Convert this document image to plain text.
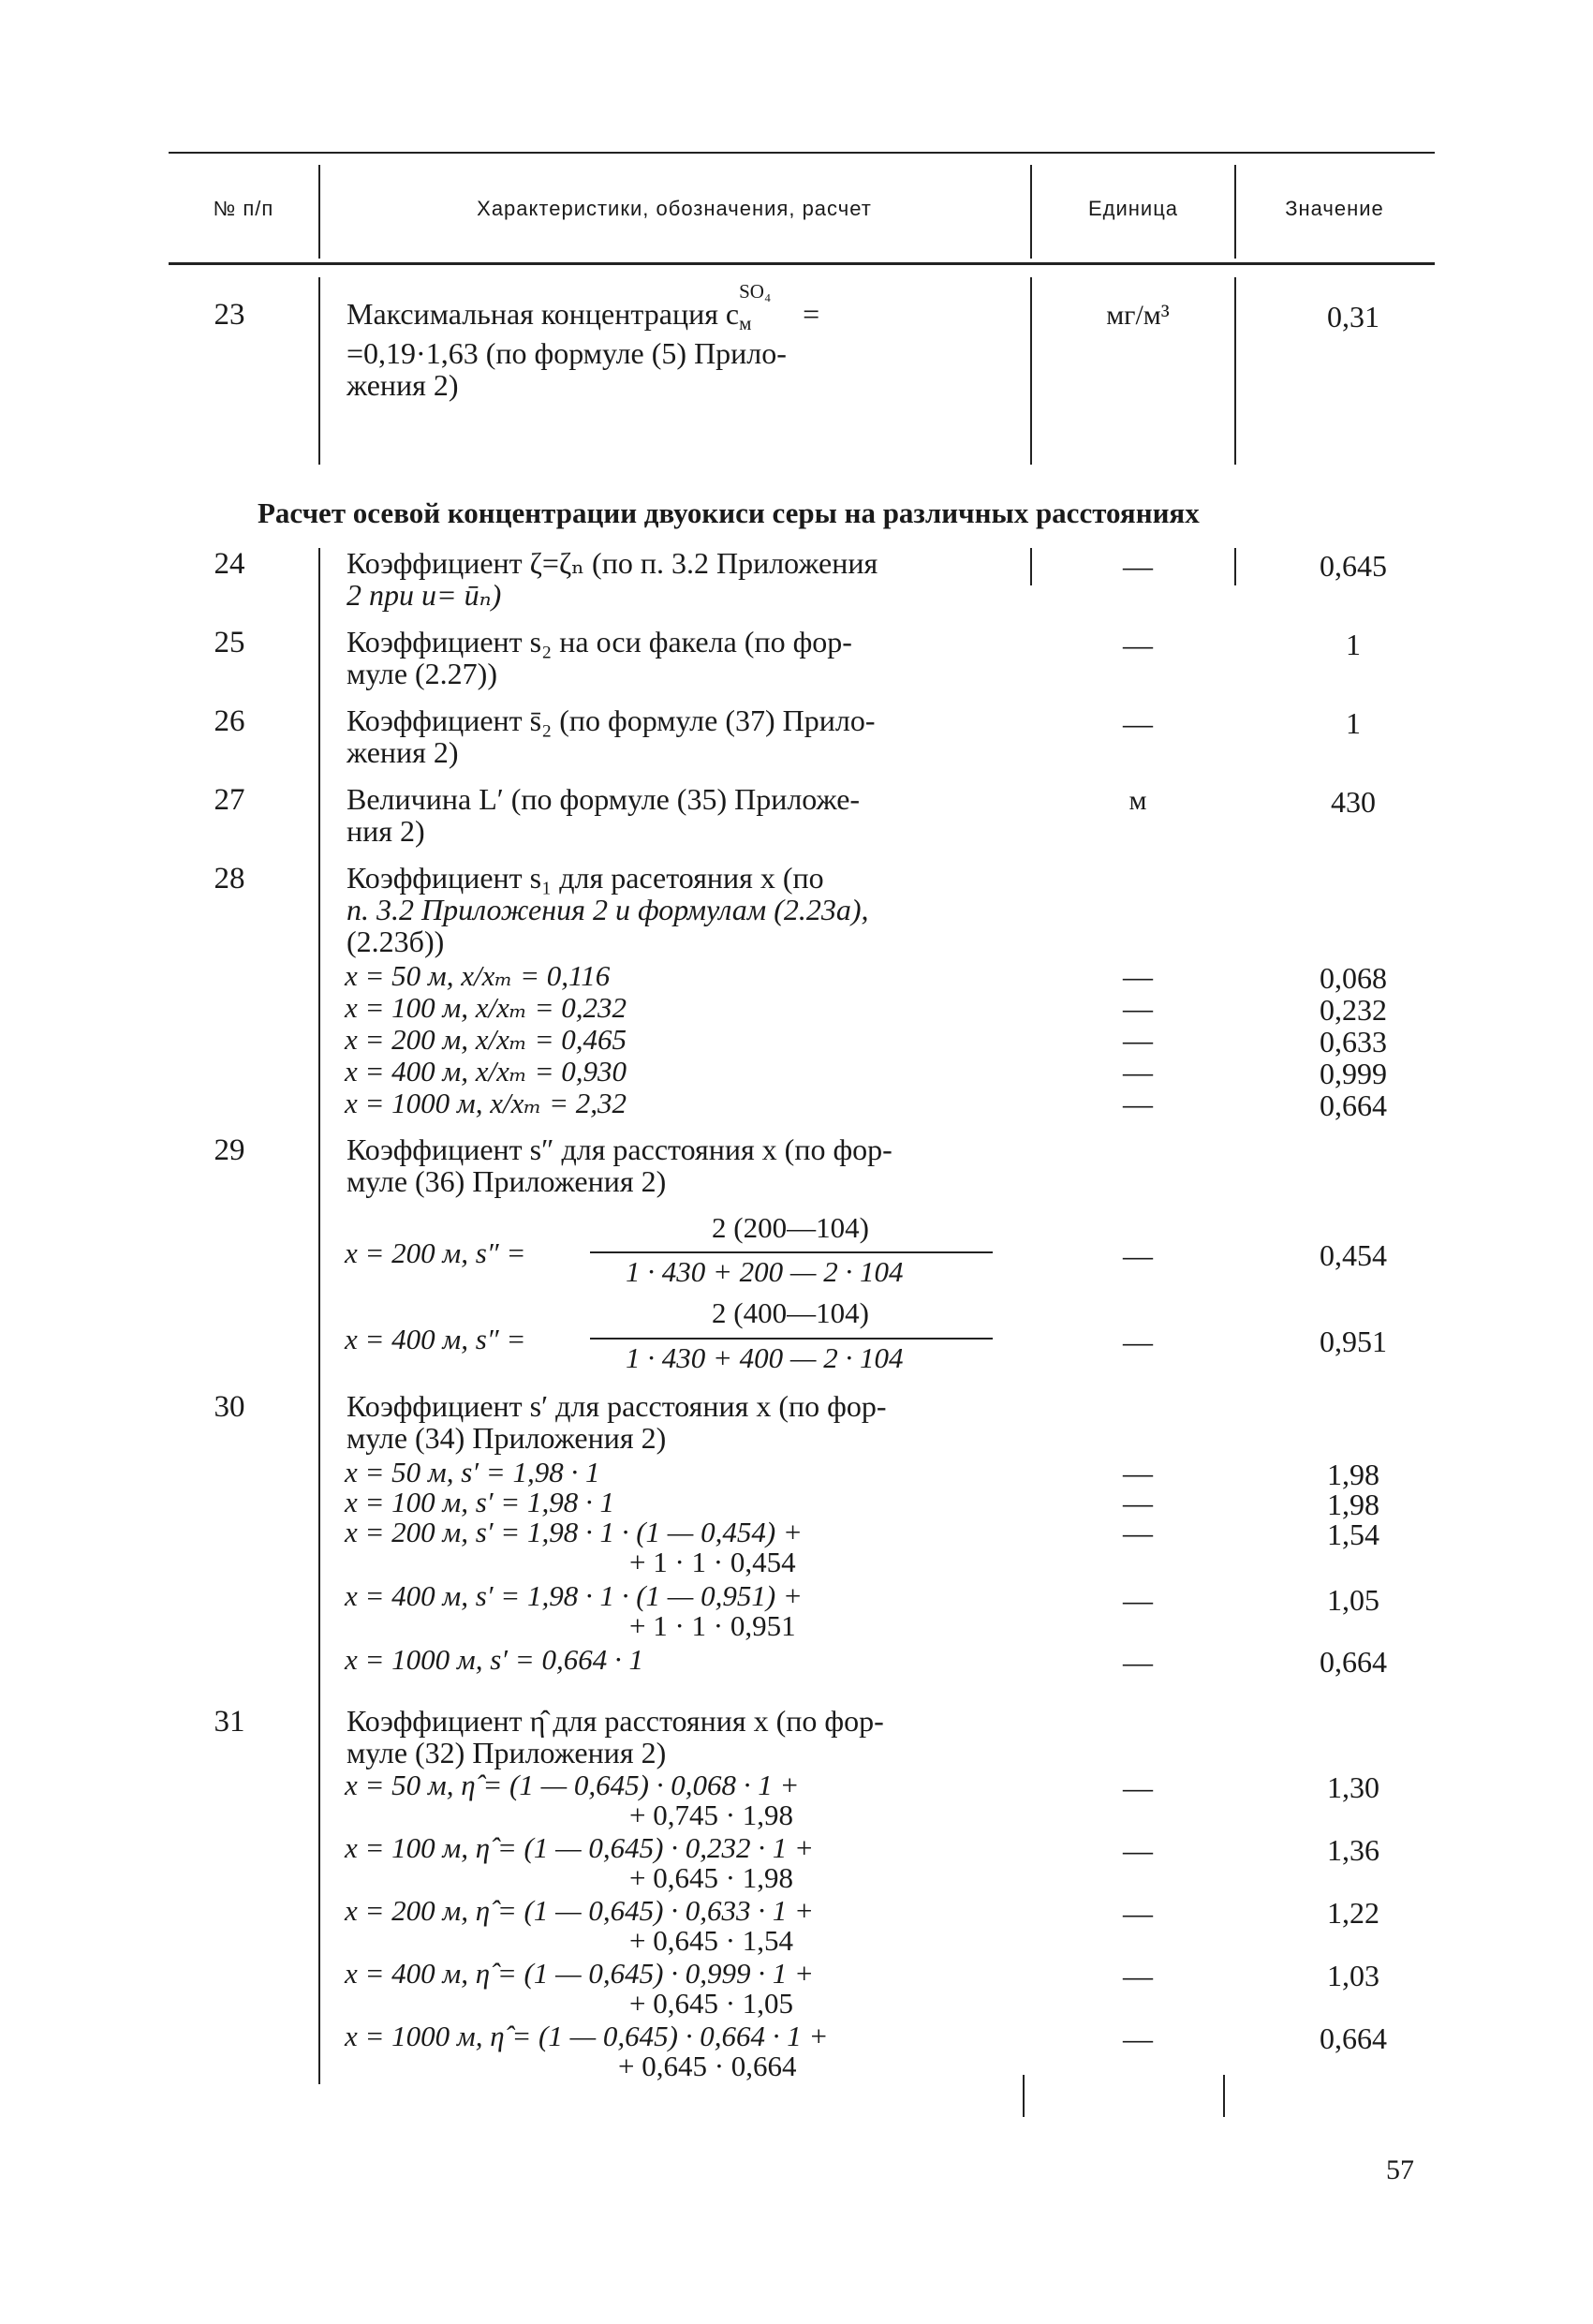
№ п/п	Характеристики, обозначения, расчет	Единица	Значение
23	Максимальная концентрация c
SO₄
м =
=0,19·1,63 (по формуле (5) Прило-
жения 2)
мг/м³	0,31
Расчет осевой концентрации двуокиси серы на различных расстояниях
24	Коэффициент ζ=ζₙ (по п. 3.2 Приложения
2 при u= ūₙ)
—	0,645
25	Коэффициент s₂ на оси факела (по фор-
муле (2.27))
—	1
26	Коэффициент s̄₂ (по формуле (37) Прило-
жения 2)
—	1
27	Величина L′ (по формуле (35) Приложе-
ния 2)
м	430
28	Коэффициент s₁ для расетояния x (по
п. 3.2 Приложения 2 и формулам (2.23а),
(2.23б))
x = 50 м, x/xₘ = 0,116	—	0,068
x = 100 м, x/xₘ = 0,232	—	0,232
x = 200 м, x/xₘ = 0,465	—	0,633
x = 400 м, x/xₘ = 0,930	—	0,999
x = 1000 м, x/xₘ = 2,32	—	0,664
29	Коэффициент s″ для расстояния x (по фор-
муле (36) Приложения 2)
x = 200 м, s″ =
2 (200—104)
1 · 430 + 200 — 2 · 104	—	0,454
x = 400 м, s″ =
2 (400—104)
1 · 430 + 400 — 2 · 104	—	0,951
30	Коэффициент s′ для расстояния x (по фор-
муле (34) Приложения 2)
x = 50 м, s′ = 1,98 · 1	—	1,98
x = 100 м, s′ = 1,98 · 1	—	1,98
x = 200 м, s′ = 1,98 · 1 · (1 — 0,454) +
+ 1 · 1 · 0,454
—	1,54
x = 400 м, s′ = 1,98 · 1 · (1 — 0,951) +
+ 1 · 1 · 0,951
—	1,05
x = 1000 м, s′ = 0,664 · 1	—	0,664
31	Коэффициент η̂ для расстояния x (по фор-
муле (32) Приложения 2)
x = 50 м, η̂ = (1 — 0,645) · 0,068 · 1 +
+ 0,745 · 1,98
—	1,30
x = 100 м, η̂ = (1 — 0,645) · 0,232 · 1 +
+ 0,645 · 1,98
—	1,36
x = 200 м, η̂ = (1 — 0,645) · 0,633 · 1 +
+ 0,645 · 1,54
—	1,22
x = 400 м, η̂ = (1 — 0,645) · 0,999 · 1 +
+ 0,645 · 1,05
—	1,03
x = 1000 м, η̂ = (1 — 0,645) · 0,664 · 1 +
+ 0,645 · 0,664
—	0,664
57
